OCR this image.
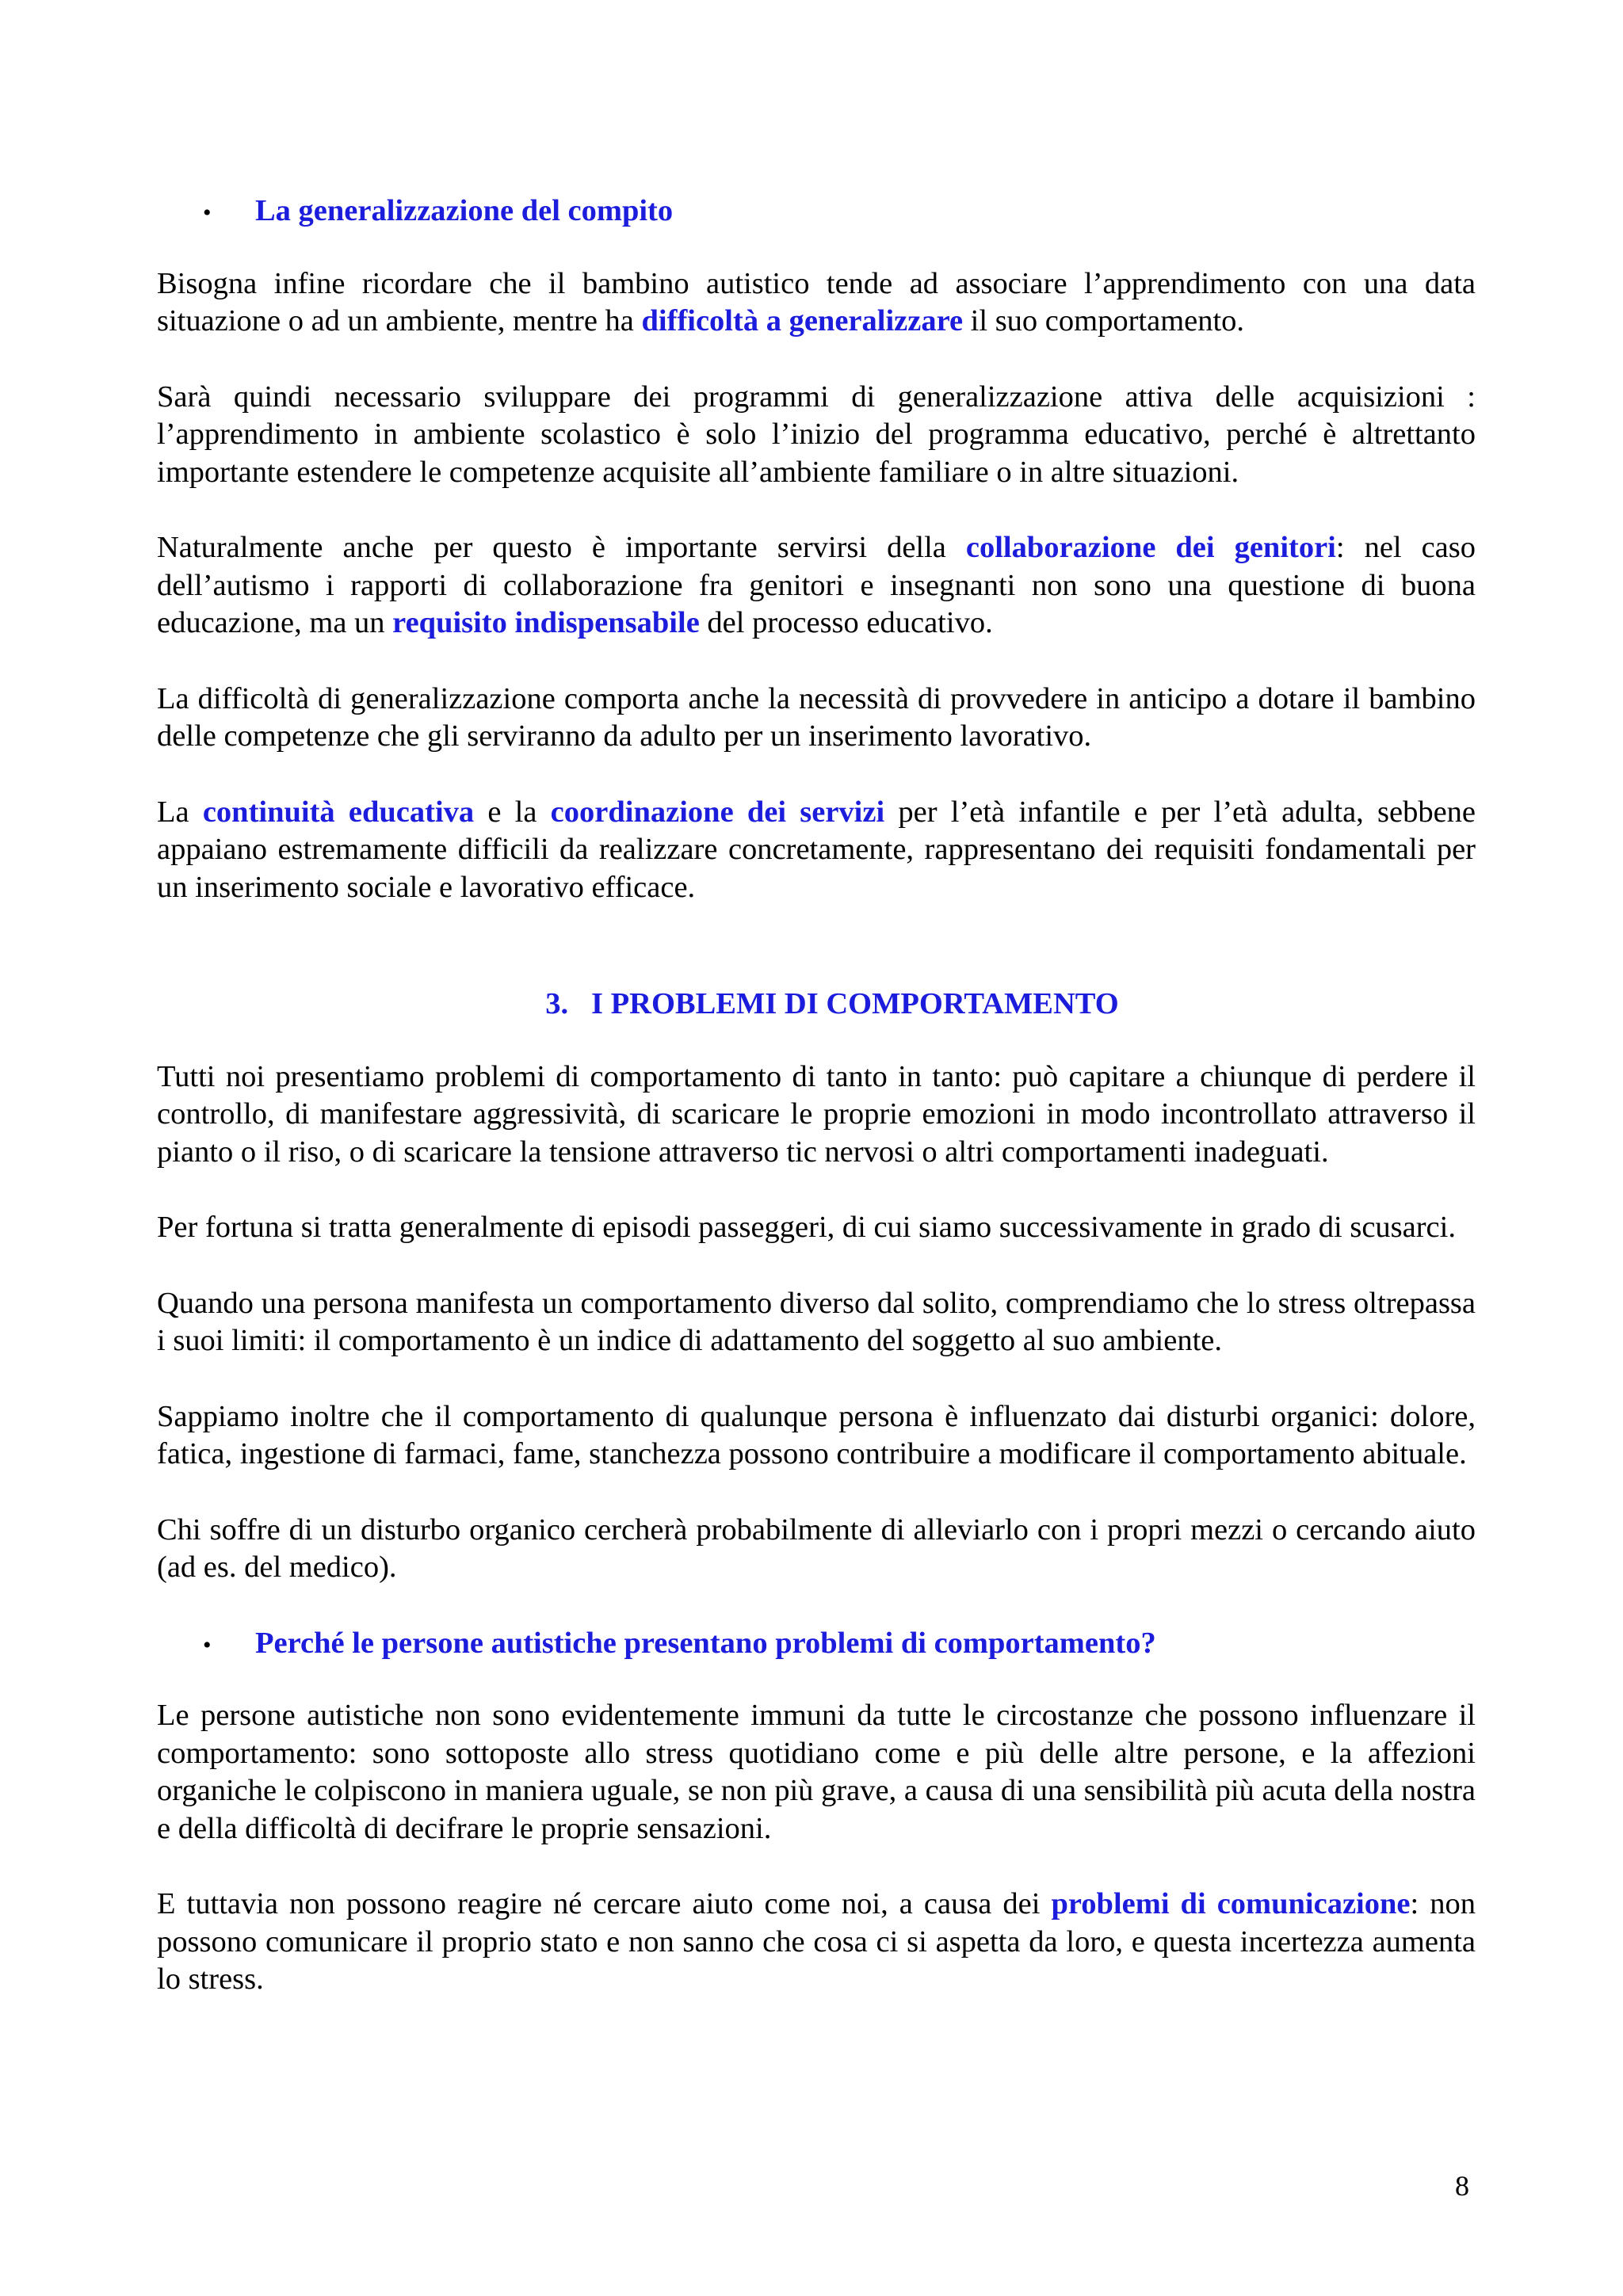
•	La generalizzazione del compito

Bisogna infine ricordare che il bambino autistico tende ad associare l’apprendimento con una data situazione o ad un ambiente, mentre ha difficoltà a generalizzare il suo comportamento.

Sarà quindi necessario sviluppare dei programmi di generalizzazione attiva delle acquisizioni : l’apprendimento in ambiente scolastico è solo l’inizio del programma educativo, perché è altrettanto importante estendere le competenze acquisite all’ambiente familiare o in altre situazioni.

Naturalmente anche per questo è importante servirsi della collaborazione dei genitori: nel caso dell’autismo i rapporti di collaborazione fra genitori e insegnanti non sono una questione di buona educazione, ma un requisito indispensabile del processo educativo.

La difficoltà di generalizzazione comporta anche la necessità di provvedere in anticipo a dotare il bambino delle competenze che gli serviranno da adulto per un inserimento lavorativo.

La continuità educativa e la coordinazione dei servizi per l’età infantile e per l’età adulta, sebbene appaiano estremamente difficili da realizzare concretamente, rappresentano dei requisiti fondamentali per un inserimento sociale e lavorativo efficace.

3.   I PROBLEMI DI COMPORTAMENTO

Tutti noi presentiamo problemi di comportamento di tanto in tanto: può capitare a chiunque di perdere il controllo, di manifestare aggressività, di scaricare le proprie emozioni in modo incontrollato attraverso il pianto o il riso, o di scaricare la tensione attraverso tic nervosi o altri comportamenti inadeguati.

Per fortuna si tratta generalmente di episodi passeggeri, di cui siamo successivamente in grado di scusarci.

Quando una persona manifesta un comportamento diverso dal solito, comprendiamo che lo stress oltrepassa i suoi limiti: il comportamento è un indice di adattamento del soggetto al suo ambiente.

Sappiamo inoltre che il comportamento di qualunque persona è influenzato dai disturbi organici: dolore, fatica, ingestione di farmaci, fame, stanchezza possono contribuire a modificare il comportamento abituale.

Chi soffre di un disturbo organico cercherà probabilmente di alleviarlo con i propri mezzi o cercando aiuto (ad es. del medico).

•	Perché le persone autistiche presentano problemi di comportamento?

Le persone autistiche non sono evidentemente immuni da tutte le circostanze che possono influenzare il comportamento: sono sottoposte allo stress quotidiano come e più delle altre persone, e la affezioni organiche le colpiscono in maniera uguale, se non più grave, a causa di una sensibilità più acuta della nostra e della difficoltà di decifrare le proprie sensazioni.

E tuttavia non possono reagire né cercare aiuto come noi, a causa dei problemi di comunicazione: non possono comunicare il proprio stato e non sanno che cosa ci si aspetta da loro, e questa incertezza aumenta lo stress.

8
